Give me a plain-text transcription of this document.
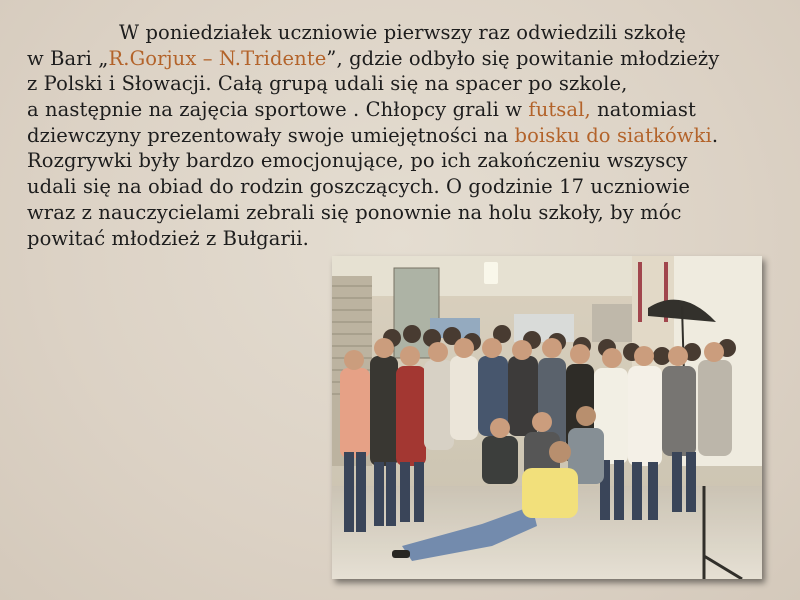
W poniedziałek uczniowie pierwszy raz odwiedzili szkołę
w Bari „R.Gorjux – N.Tridente”, gdzie odbyło się powitanie młodzieży
z Polski i Słowacji. Całą grupą udali się na spacer po szkole,
a następnie na zajęcia sportowe . Chłopcy grali w futsal, natomiast
dziewczyny prezentowały swoje umiejętności na boisku do siatkówki.
Rozgrywki były bardzo emocjonujące, po ich zakończeniu wszyscy
udali się na obiad do rodzin goszczących. O godzinie 17 uczniowie
wraz z nauczycielami zebrali się ponownie na holu szkoły, by móc
powitać młodzież z Bułgarii.
